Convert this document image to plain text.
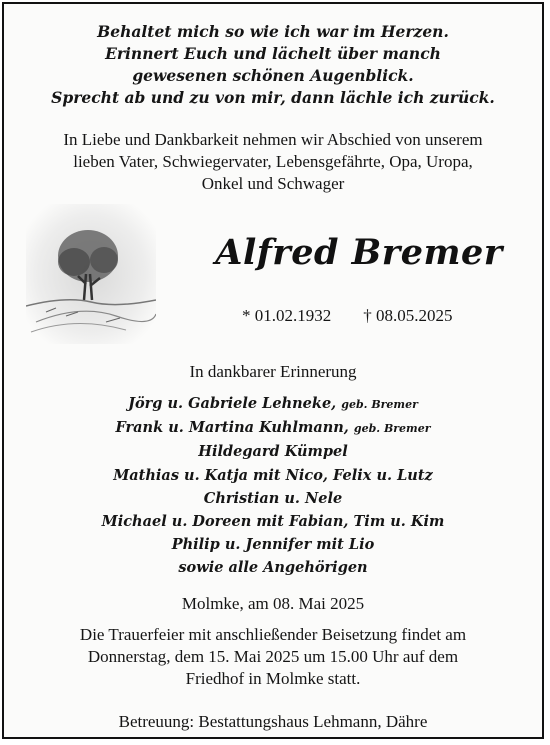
Behaltet mich so wie ich war im Herzen.
Erinnert Euch und lächelt über manch
gewesenen schönen Augenblick.
Sprecht ab und zu von mir, dann lächle ich zurück.
In Liebe und Dankbarkeit nehmen wir Abschied von unserem
lieben Vater, Schwiegervater, Lebensgefährte, Opa, Uropa,
Onkel und Schwager
Alfred Bremer
* 01.02.1932 † 08.05.2025
In dankbarer Erinnerung
Jörg u. Gabriele Lehneke, geb. Bremer
Frank u. Martina Kuhlmann, geb. Bremer
Hildegard Kümpel
Mathias u. Katja mit Nico, Felix u. Lutz
Christian u. Nele
Michael u. Doreen mit Fabian, Tim u. Kim
Philip u. Jennifer mit Lio
sowie alle Angehörigen
Molmke, am 08. Mai 2025
Die Trauerfeier mit anschließender Beisetzung findet am
Donnerstag, dem 15. Mai 2025 um 15.00 Uhr auf dem
Friedhof in Molmke statt.
Betreuung: Bestattungshaus Lehmann, Dähre
